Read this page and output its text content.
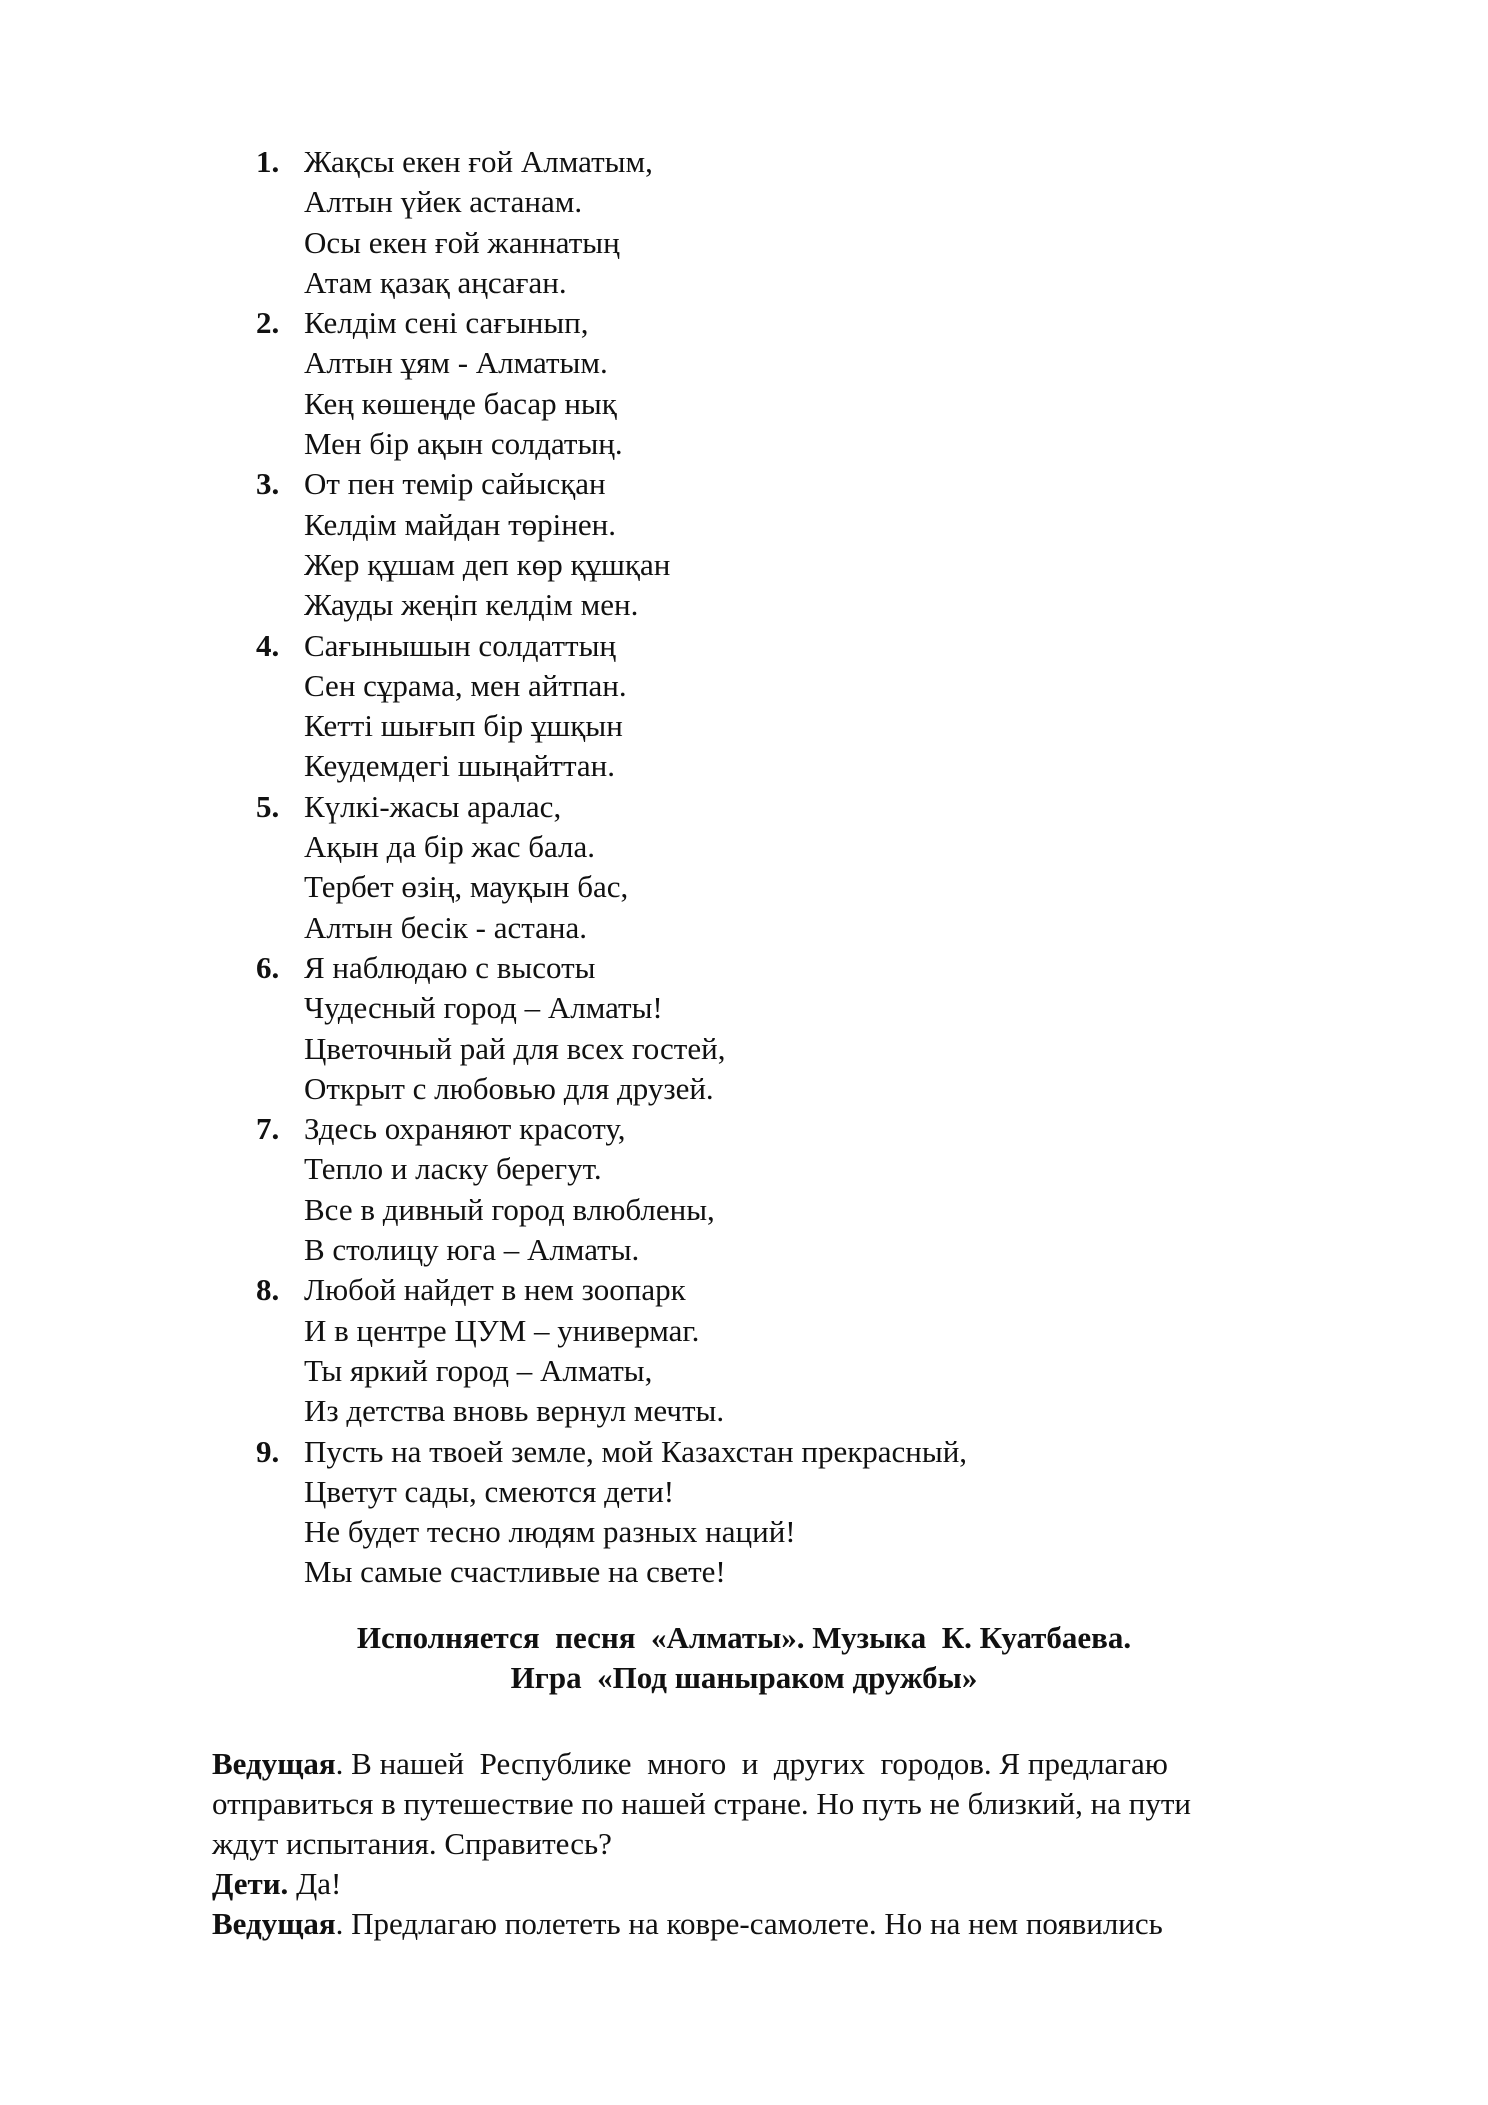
1. Жақсы екен ғой Алматым,
Алтын үйек астанам.
Осы екен ғой жаннатың
Атам қазақ аңсаған.
2. Келдім сені сағынып,
Алтын ұям - Алматым.
Кең көшеңде басар нық
Мен бір ақын солдатың.
3. От пен темір сайысқан
Келдім майдан төрінен.
Жер құшам деп көр құшқан
Жауды жеңіп келдім мен.
4. Сағынышын солдаттың
Сен сұрама, мен айтпан.
Кетті шығып бір ұшқын
Кеудемдегі шыңайттан.
5. Күлкі-жасы аралас,
Ақын да бір жас бала.
Тербет өзің, мауқын бас,
Алтын бесік - астана.
6. Я наблюдаю с высоты
Чудесный город – Алматы!
Цветочный рай для всех гостей,
Открыт с любовью для друзей.
7. Здесь охраняют красоту,
Тепло и ласку берегут.
Все в дивный город влюблены,
В столицу юга – Алматы.
8. Любой найдет в нем зоопарк
И в центре ЦУМ – универмаг.
Ты яркий город – Алматы,
Из детства вновь вернул мечты.
9. Пусть на твоей земле, мой Казахстан прекрасный,
Цветут сады, смеются дети!
Не будет тесно людям разных наций!
Мы самые счастливые на свете!
Исполняется  песня  «Алматы». Музыка  К. Куатбаева.
Игра  «Под шаныраком дружбы»
Ведущая. В нашей  Республике  много  и  других  городов. Я предлагаю
отправиться в путешествие по нашей стране. Но путь не близкий, на пути
ждут испытания. Справитесь?
Дети. Да!
Ведущая. Предлагаю полететь на ковре-самолете. Но на нем появились
